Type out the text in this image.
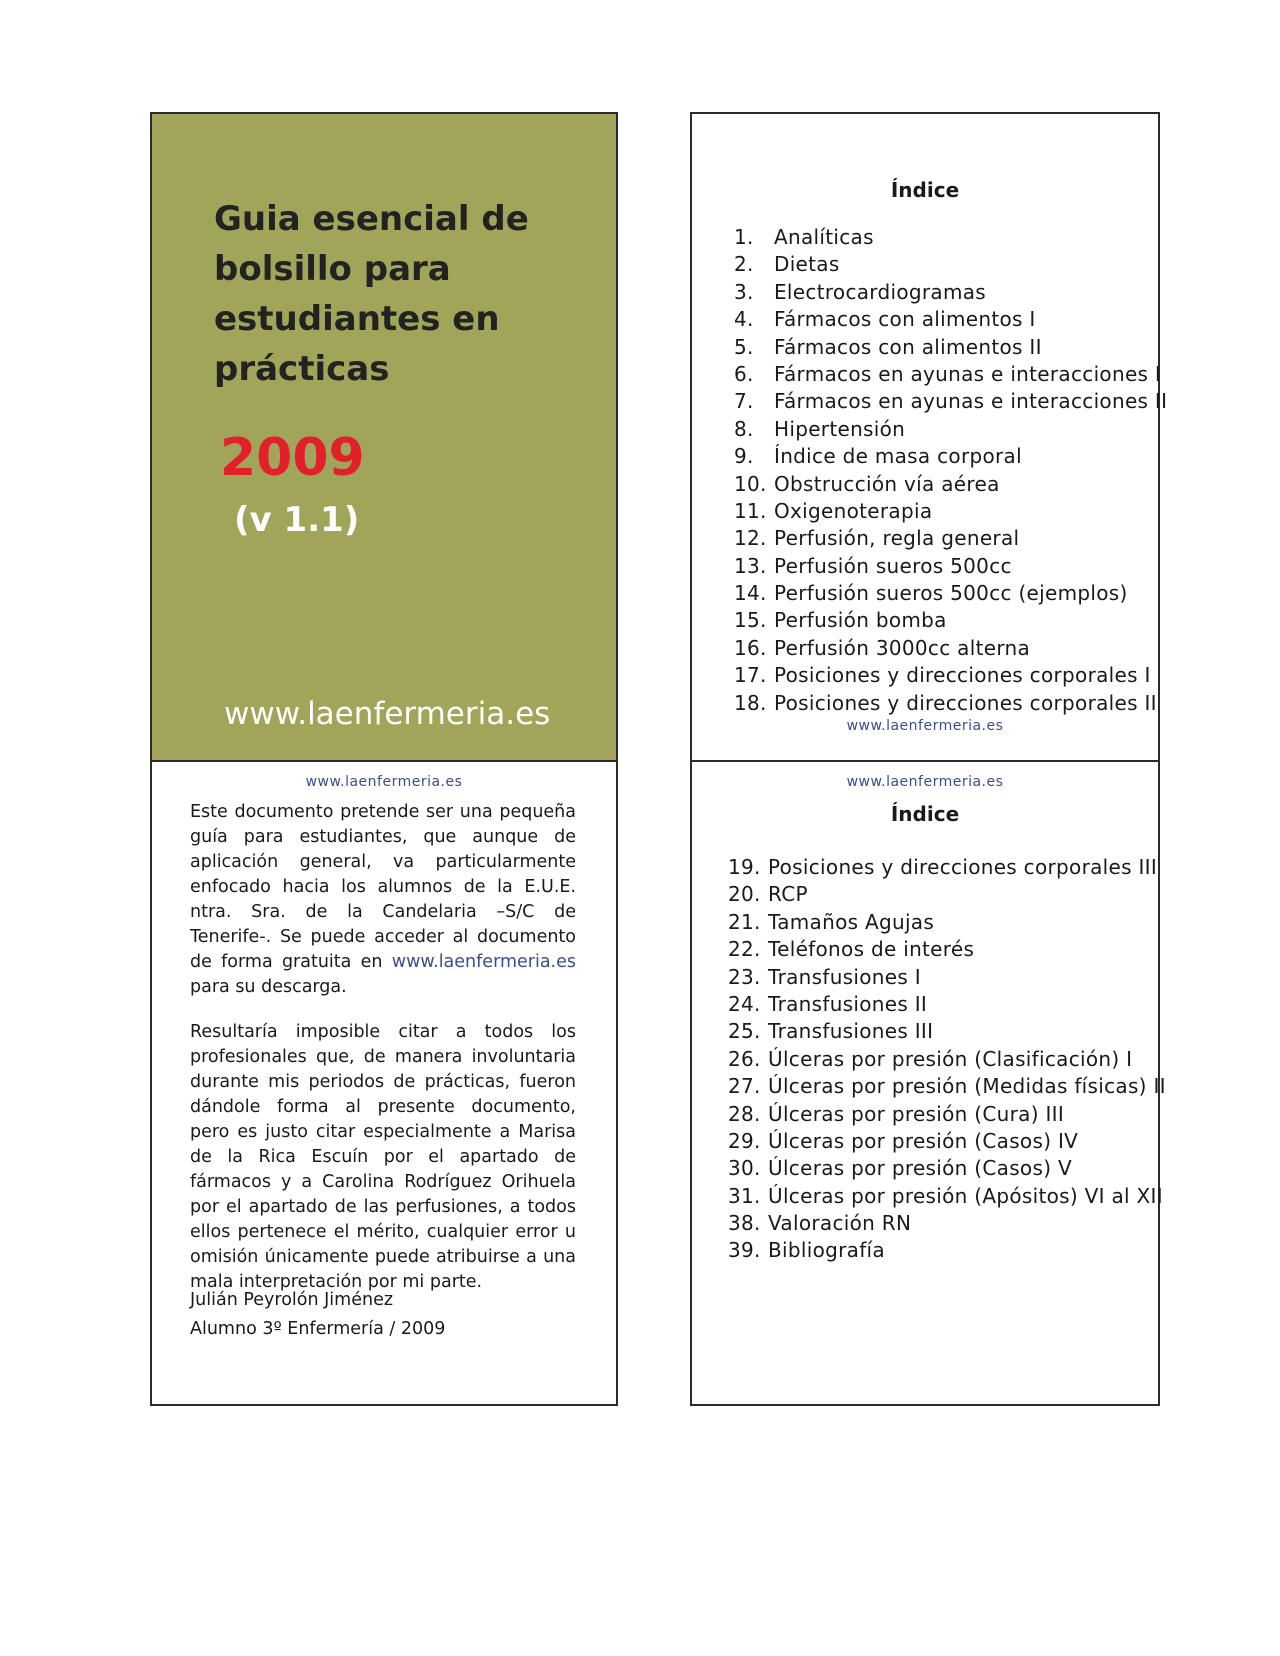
Guia esencial de
bolsillo para
estudiantes en
prácticas
2009
(v 1.1)
www.laenfermeria.es
www.laenfermeria.es

Este documento pretende ser una pequeña guía para estudiantes, que aunque de aplicación general, va particularmente enfocado hacia los alumnos de la E.U.E. ntra. Sra. de la Candelaria –S/C de Tenerife-. Se puede acceder al documento de forma gratuita en www.laenfermeria.es para su descarga.

Resultaría imposible citar a todos los profesionales que, de manera involuntaria durante mis periodos de prácticas, fueron dándole forma al presente documento, pero es justo citar especialmente a Marisa de la Rica Escuín por el apartado de fármacos y a Carolina Rodríguez Orihuela por el apartado de las perfusiones, a todos ellos pertenece el mérito, cualquier error u omisión únicamente puede atribuirse a una mala interpretación por mi parte.

Julián Peyrolón Jiménez
Alumno 3º Enfermería / 2009
Índice
1. Analíticas
2. Dietas
3. Electrocardiogramas
4. Fármacos con alimentos I
5. Fármacos con alimentos II
6. Fármacos en ayunas e interacciones I
7. Fármacos en ayunas e interacciones II
8. Hipertensión
9. Índice de masa corporal
10. Obstrucción vía aérea
11. Oxigenoterapia
12. Perfusión, regla general
13. Perfusión sueros 500cc
14. Perfusión sueros 500cc (ejemplos)
15. Perfusión bomba
16. Perfusión 3000cc alterna
17. Posiciones y direcciones corporales I
18. Posiciones y direcciones corporales II
www.laenfermeria.es
www.laenfermeria.es
Índice
19. Posiciones y direcciones corporales III
20. RCP
21. Tamaños Agujas
22. Teléfonos de interés
23. Transfusiones I
24. Transfusiones II
25. Transfusiones III
26. Úlceras por presión (Clasificación) I
27. Úlceras por presión (Medidas físicas) II
28. Úlceras por presión (Cura) III
29. Úlceras por presión (Casos) IV
30. Úlceras por presión (Casos) V
31. Úlceras por presión (Apósitos) VI al XII
38. Valoración RN
39. Bibliografía
